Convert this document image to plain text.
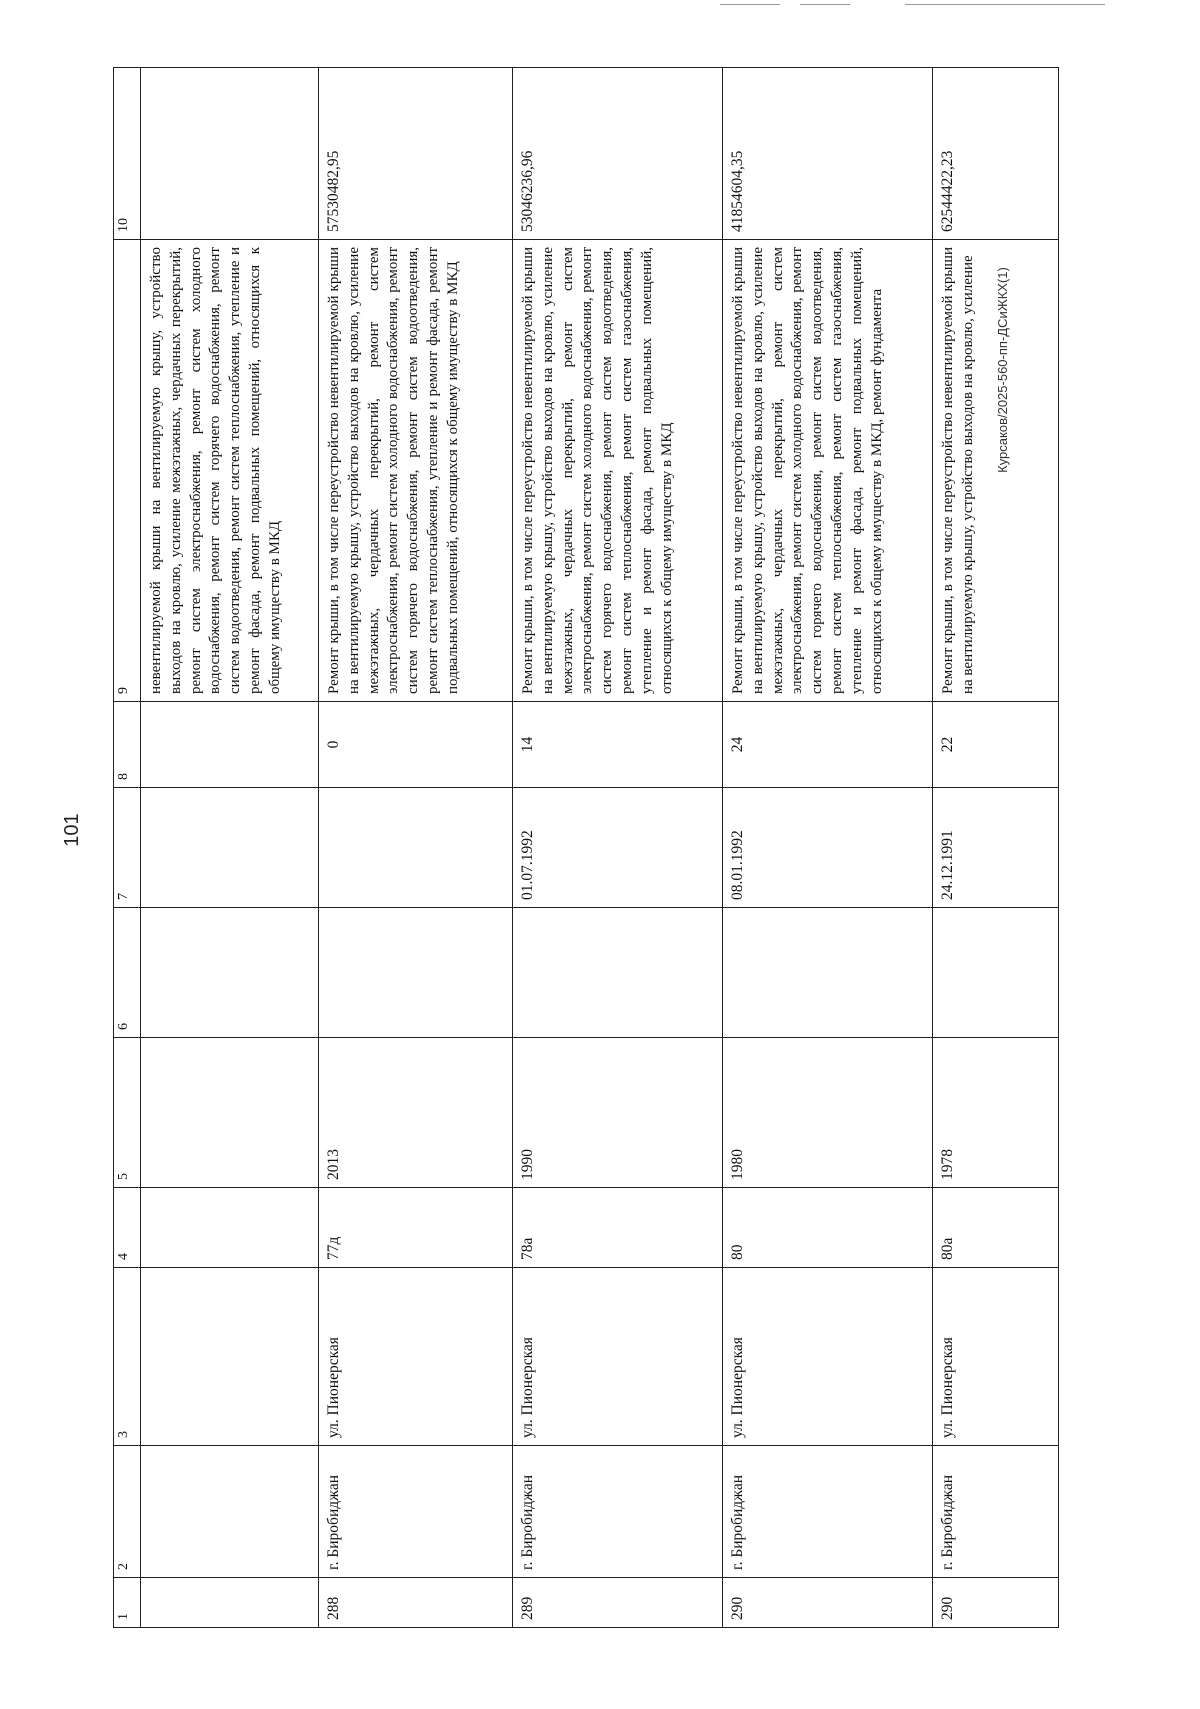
101
Курсаков/2025-560-пп-ДСиЖКХ(1)
1	2	3	4	5	6	7	8	9	10
								невентилируемой крыши на вентилируемую крышу, устройство выходов на кровлю, усиление межэтажных, чердачных перекрытий, ремонт систем электроснабжения, ремонт систем холодного водоснабжения, ремонт систем горячего водоснабжения, ремонт систем водоотведения, ремонт систем теплоснабжения, утепление и ремонт фасада, ремонт подвальных помещений, относящихся к общему имуществу в МКД	
288	г. Биробиджан	ул. Пионерская	77д	2013			0	Ремонт крыши, в том числе переустройство невентилируемой крыши на вентилируемую крышу, устройство выходов на кровлю, усиление межэтажных, чердачных перекрытий, ремонт систем электроснабжения, ремонт систем холодного водоснабжения, ремонт систем горячего водоснабжения, ремонт систем водоотведения, ремонт систем теплоснабжения, утепление и ремонт фасада, ремонт подвальных помещений, относящихся к общему имуществу в МКД	57530482,95
289	г. Биробиджан	ул. Пионерская	78а	1990		01.07.1992	14	Ремонт крыши, в том числе переустройство невентилируемой крыши на вентилируемую крышу, устройство выходов на кровлю, усиление межэтажных, чердачных перекрытий, ремонт систем электроснабжения, ремонт систем холодного водоснабжения, ремонт систем горячего водоснабжения, ремонт систем водоотведения, ремонт систем теплоснабжения, ремонт систем газоснабжения, утепление и ремонт фасада, ремонт подвальных помещений, относящихся к общему имуществу в МКД	53046236,96
290	г. Биробиджан	ул. Пионерская	80	1980		08.01.1992	24	Ремонт крыши, в том числе переустройство невентилируемой крыши на вентилируемую крышу, устройство выходов на кровлю, усиление межэтажных, чердачных перекрытий, ремонт систем электроснабжения, ремонт систем холодного водоснабжения, ремонт систем горячего водоснабжения, ремонт систем водоотведения, ремонт систем теплоснабжения, ремонт систем газоснабжения, утепление и ремонт фасада, ремонт подвальных помещений, относящихся к общему имуществу в МКД, ремонт фундамента	41854604,35
290	г. Биробиджан	ул. Пионерская	80а	1978		24.12.1991	22	Ремонт крыши, в том числе переустройство невентилируемой крыши на вентилируемую крышу, устройство выходов на кровлю, усиление	62544422,23
